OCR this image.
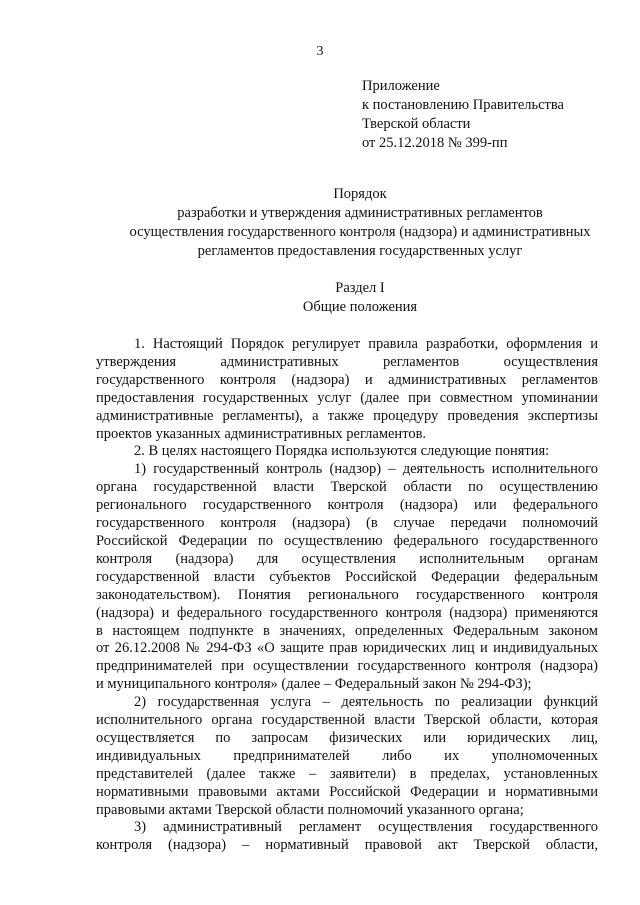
3
Приложение
к постановлению Правительства
Тверской области
от 25.12.2018 № 399-пп
Порядок
разработки и утверждения административных регламентов
осуществления государственного контроля (надзора) и административных
регламентов предоставления государственных услуг
Раздел I
Общие положения
1. Настоящий Порядок регулирует правила разработки, оформления и
утверждения административных регламентов осуществления
государственного контроля (надзора) и административных регламентов
предоставления государственных услуг (далее при совместном упоминании
административные регламенты), а также процедуру проведения экспертизы
проектов указанных административных регламентов.
2. В целях настоящего Порядка используются следующие понятия:
1) государственный контроль (надзор) – деятельность исполнительного
органа государственной власти Тверской области по осуществлению
регионального государственного контроля (надзора) или федерального
государственного контроля (надзора) (в случае передачи полномочий
Российской Федерации по осуществлению федерального государственного
контроля (надзора) для осуществления исполнительным органам
государственной власти субъектов Российской Федерации федеральным
законодательством). Понятия регионального государственного контроля
(надзора) и федерального государственного контроля (надзора) применяются
в настоящем подпункте в значениях, определенных Федеральным законом
от 26.12.2008 № 294-ФЗ «О защите прав юридических лиц и индивидуальных
предпринимателей при осуществлении государственного контроля (надзора)
и муниципального контроля» (далее – Федеральный закон № 294-ФЗ);
2) государственная услуга – деятельность по реализации функций
исполнительного органа государственной власти Тверской области, которая
осуществляется по запросам физических или юридических лиц,
индивидуальных предпринимателей либо их уполномоченных
представителей (далее также – заявители) в пределах, установленных
нормативными правовыми актами Российской Федерации и нормативными
правовыми актами Тверской области полномочий указанного органа;
3) административный регламент осуществления государственного
контроля (надзора) – нормативный правовой акт Тверской области,
